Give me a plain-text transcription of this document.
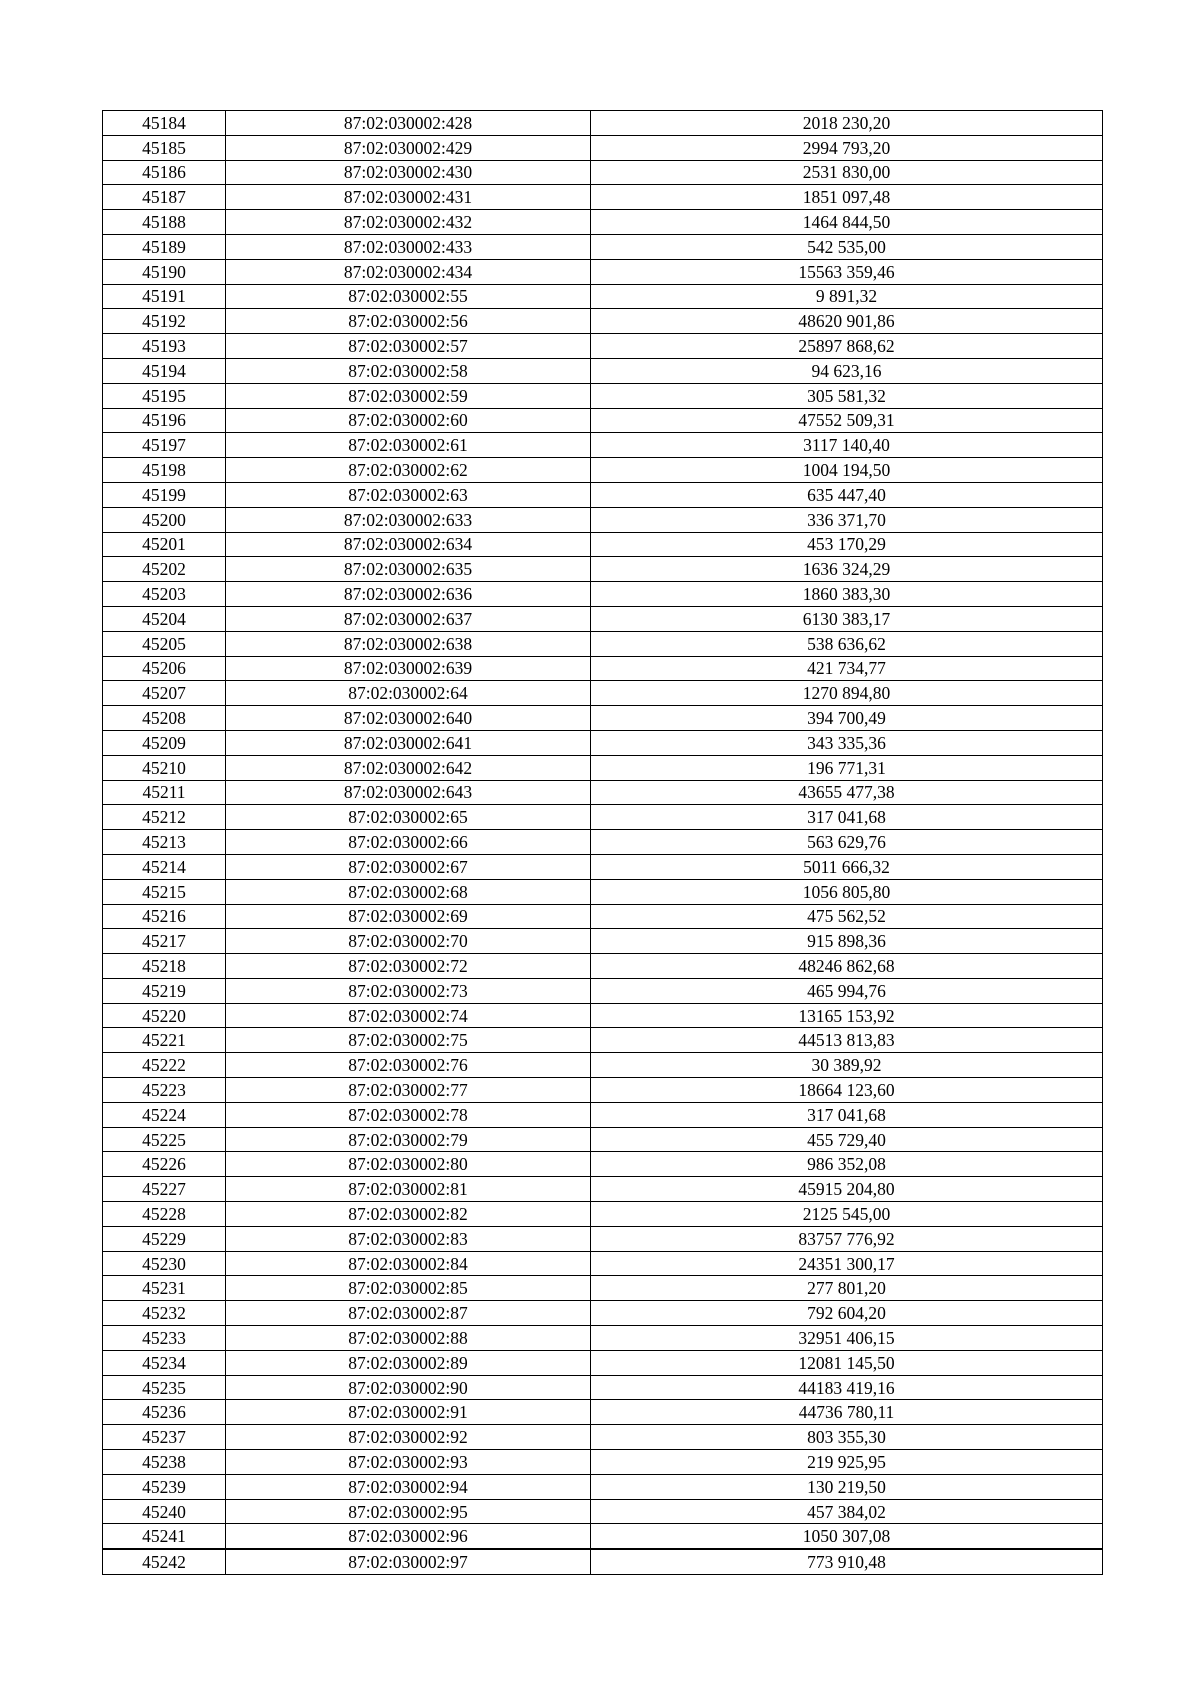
45184	87:02:030002:428	2018 230,20
45185	87:02:030002:429	2994 793,20
45186	87:02:030002:430	2531 830,00
45187	87:02:030002:431	1851 097,48
45188	87:02:030002:432	1464 844,50
45189	87:02:030002:433	542 535,00
45190	87:02:030002:434	15563 359,46
45191	87:02:030002:55	9 891,32
45192	87:02:030002:56	48620 901,86
45193	87:02:030002:57	25897 868,62
45194	87:02:030002:58	94 623,16
45195	87:02:030002:59	305 581,32
45196	87:02:030002:60	47552 509,31
45197	87:02:030002:61	3117 140,40
45198	87:02:030002:62	1004 194,50
45199	87:02:030002:63	635 447,40
45200	87:02:030002:633	336 371,70
45201	87:02:030002:634	453 170,29
45202	87:02:030002:635	1636 324,29
45203	87:02:030002:636	1860 383,30
45204	87:02:030002:637	6130 383,17
45205	87:02:030002:638	538 636,62
45206	87:02:030002:639	421 734,77
45207	87:02:030002:64	1270 894,80
45208	87:02:030002:640	394 700,49
45209	87:02:030002:641	343 335,36
45210	87:02:030002:642	196 771,31
45211	87:02:030002:643	43655 477,38
45212	87:02:030002:65	317 041,68
45213	87:02:030002:66	563 629,76
45214	87:02:030002:67	5011 666,32
45215	87:02:030002:68	1056 805,80
45216	87:02:030002:69	475 562,52
45217	87:02:030002:70	915 898,36
45218	87:02:030002:72	48246 862,68
45219	87:02:030002:73	465 994,76
45220	87:02:030002:74	13165 153,92
45221	87:02:030002:75	44513 813,83
45222	87:02:030002:76	30 389,92
45223	87:02:030002:77	18664 123,60
45224	87:02:030002:78	317 041,68
45225	87:02:030002:79	455 729,40
45226	87:02:030002:80	986 352,08
45227	87:02:030002:81	45915 204,80
45228	87:02:030002:82	2125 545,00
45229	87:02:030002:83	83757 776,92
45230	87:02:030002:84	24351 300,17
45231	87:02:030002:85	277 801,20
45232	87:02:030002:87	792 604,20
45233	87:02:030002:88	32951 406,15
45234	87:02:030002:89	12081 145,50
45235	87:02:030002:90	44183 419,16
45236	87:02:030002:91	44736 780,11
45237	87:02:030002:92	803 355,30
45238	87:02:030002:93	219 925,95
45239	87:02:030002:94	130 219,50
45240	87:02:030002:95	457 384,02
45241	87:02:030002:96	1050 307,08
45242	87:02:030002:97	773 910,48
